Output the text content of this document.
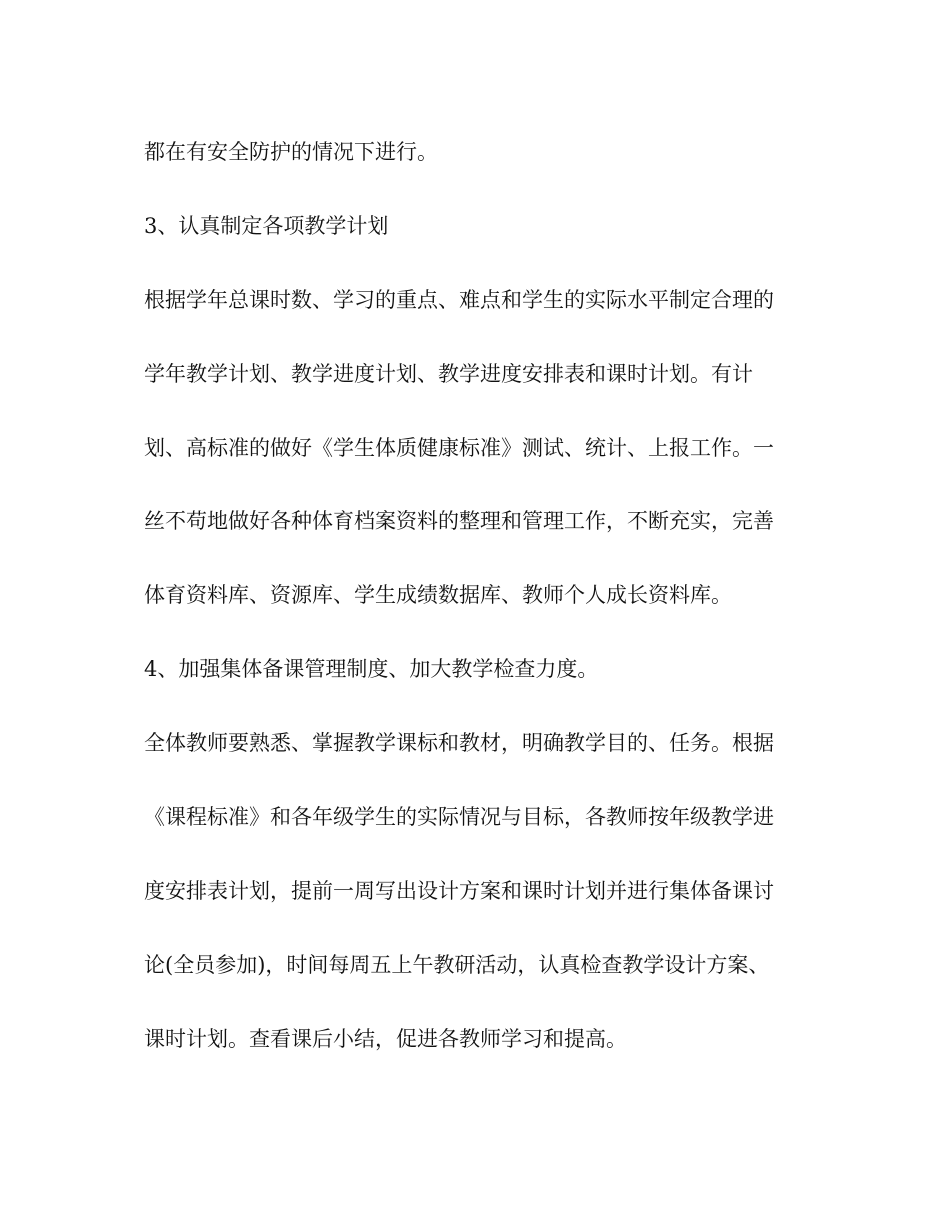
都在有安全防护的情况下进行。
3、认真制定各项教学计划
根据学年总课时数、学习的重点、难点和学生的实际水平制定合理的
学年教学计划、教学进度计划、教学进度安排表和课时计划。有计
划、高标准的做好《学生体质健康标准》测试、统计、上报工作。一
丝不苟地做好各种体育档案资料的整理和管理工作，不断充实，完善
体育资料库、资源库、学生成绩数据库、教师个人成长资料库。
4、加强集体备课管理制度、加大教学检查力度。
全体教师要熟悉、掌握教学课标和教材，明确教学目的、任务。根据
《课程标准》和各年级学生的实际情况与目标，各教师按年级教学进
度安排表计划，提前一周写出设计方案和课时计划并进行集体备课讨
论(全员参加)，时间每周五上午教研活动，认真检查教学设计方案、
课时计划。查看课后小结，促进各教师学习和提高。
